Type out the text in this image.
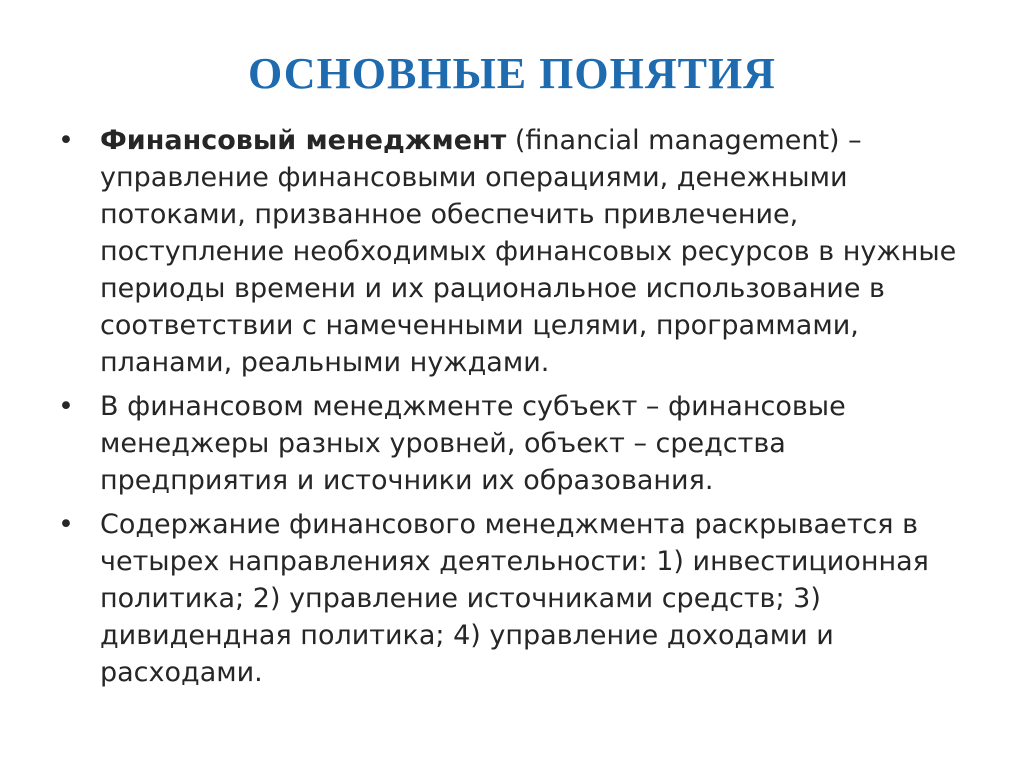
ОСНОВНЫЕ ПОНЯТИЯ
• Финансовый менеджмент (financial management) – управление финансовыми операциями, денежными потоками, призванное обеспечить привлечение, поступление необходимых финансовых ресурсов в нужные периоды времени и их рациональное использование в соответствии с намеченными целями, программами, планами, реальными нуждами.
• В финансовом менеджменте субъект – финансовые менеджеры разных уровней, объект – средства предприятия и источники их образования.
• Содержание финансового менеджмента раскрывается в четырех направлениях деятельности: 1) инвестиционная политика; 2) управление источниками средств; 3) дивидендная политика; 4) управление доходами и расходами.
